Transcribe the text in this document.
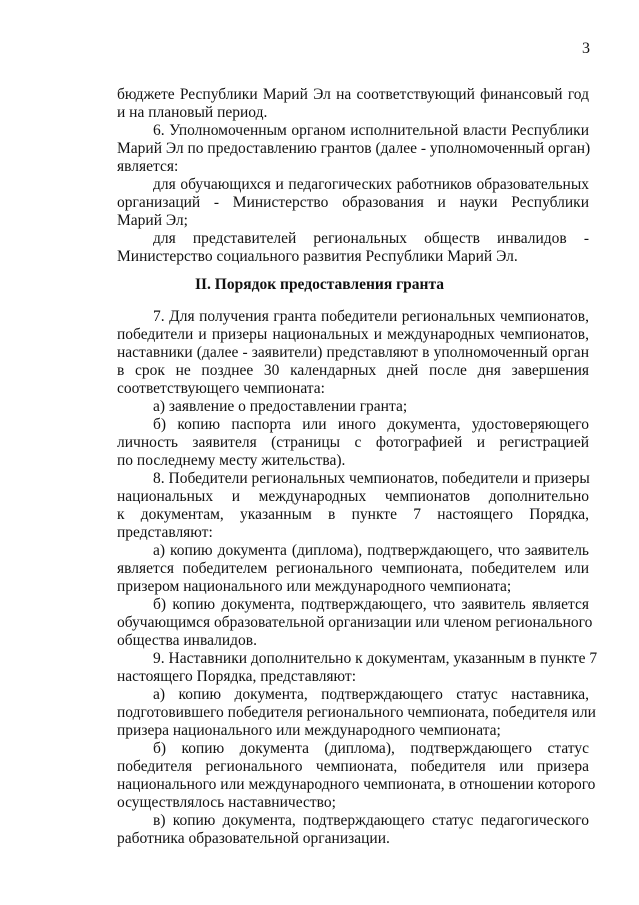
3
бюджете Республики Марий Эл на соответствующий финансовый год
и на плановый период.
6. Уполномоченным органом исполнительной власти Республики
Марий Эл по предоставлению грантов (далее - уполномоченный орган)
является:
для обучающихся и педагогических работников образовательных
организаций - Министерство образования и науки Республики
Марий Эл;
для представителей региональных обществ инвалидов -
Министерство социального развития Республики Марий Эл.
II. Порядок предоставления гранта
7. Для получения гранта победители региональных чемпионатов,
победители и призеры национальных и международных чемпионатов,
наставники (далее - заявители) представляют в уполномоченный орган
в срок не позднее 30 календарных дней после дня завершения
соответствующего чемпионата:
а) заявление о предоставлении гранта;
б) копию паспорта или иного документа, удостоверяющего
личность заявителя (страницы с фотографией и регистрацией
по последнему месту жительства).
8. Победители региональных чемпионатов, победители и призеры
национальных и международных чемпионатов дополнительно
к документам, указанным в пункте 7 настоящего Порядка,
представляют:
а) копию документа (диплома), подтверждающего, что заявитель
является победителем регионального чемпионата, победителем или
призером национального или международного чемпионата;
б) копию документа, подтверждающего, что заявитель является
обучающимся образовательной организации или членом регионального
общества инвалидов.
9. Наставники дополнительно к документам, указанным в пункте 7
настоящего Порядка, представляют:
а) копию документа, подтверждающего статус наставника,
подготовившего победителя регионального чемпионата, победителя или
призера национального или международного чемпионата;
б) копию документа (диплома), подтверждающего статус
победителя регионального чемпионата, победителя или призера
национального или международного чемпионата, в отношении которого
осуществлялось наставничество;
в) копию документа, подтверждающего статус педагогического
работника образовательной организации.
